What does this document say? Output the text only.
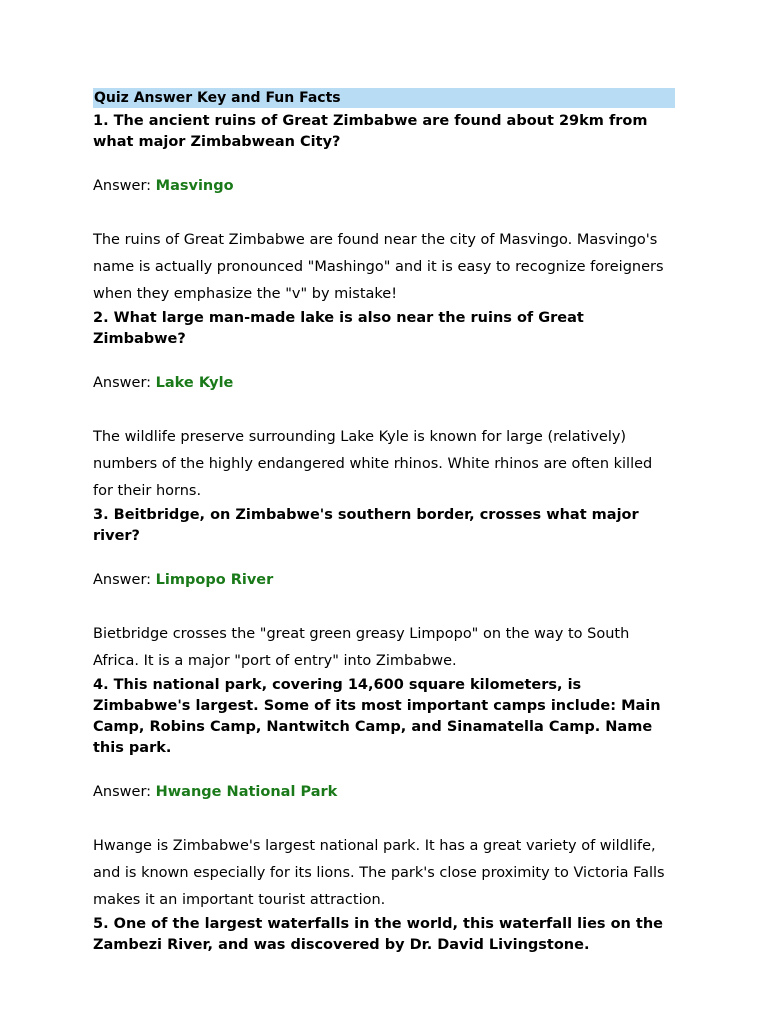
Quiz Answer Key and Fun Facts
1. The ancient ruins of Great Zimbabwe are found about 29km from what major Zimbabwean City?
Answer: Masvingo
The ruins of Great Zimbabwe are found near the city of Masvingo. Masvingo's name is actually pronounced "Mashingo" and it is easy to recognize foreigners when they emphasize the "v" by mistake!
2. What large man-made lake is also near the ruins of Great Zimbabwe?
Answer: Lake Kyle
The wildlife preserve surrounding Lake Kyle is known for large (relatively) numbers of the highly endangered white rhinos. White rhinos are often killed for their horns.
3. Beitbridge, on Zimbabwe's southern border, crosses what major river?
Answer: Limpopo River
Bietbridge crosses the "great green greasy Limpopo" on the way to South Africa. It is a major "port of entry" into Zimbabwe.
4. This national park, covering 14,600 square kilometers, is Zimbabwe's largest. Some of its most important camps include: Main Camp, Robins Camp, Nantwitch Camp, and Sinamatella Camp. Name this park.
Answer: Hwange National Park
Hwange is Zimbabwe's largest national park. It has a great variety of wildlife, and is known especially for its lions. The park's close proximity to Victoria Falls makes it an important tourist attraction.
5. One of the largest waterfalls in the world, this waterfall lies on the Zambezi River, and was discovered by Dr. David Livingstone.
